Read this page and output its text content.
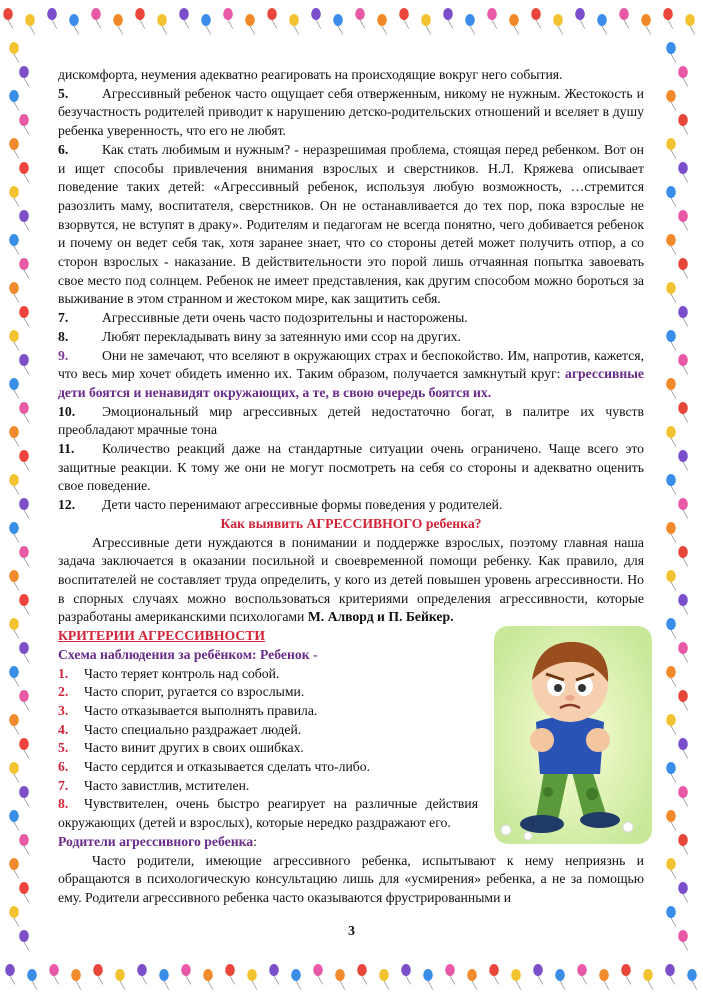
дискомфорта, неумения адекватно реагировать на происходящие вокруг него события.

5. Агрессивный ребенок часто ощущает себя отверженным, никому не нужным. Жестокость и безучастность родителей приводит к нарушению детско-родительских отношений и вселяет в душу ребенка уверенность, что его не любят.

6. Как стать любимым и нужным? - неразрешимая проблема, стоящая перед ребенком. Вот он и ищет способы привлечения внимания взрослых и сверстников. Н.Л. Кряжева описывает поведение таких детей: «Агрессивный ребенок, используя любую возможность, …стремится разозлить маму, воспитателя, сверстников. Он не останавливается до тех пор, пока взрослые не взорвутся, не вступят в драку». Родителям и педагогам не всегда понятно, чего добивается ребенок и почему он ведет себя так, хотя заранее знает, что со стороны детей может получить отпор, а со сторон взрослых - наказание. В действительности это порой лишь отчаянная попытка завоевать свое место под солнцем. Ребенок не имеет представления, как другим способом можно бороться за выживание в этом странном и жестоком мире, как защитить себя.

7. Агрессивные дети очень часто подозрительны и насторожены.

8. Любят перекладывать вину за затеянную ими ссор на других.

9. Они не замечают, что вселяют в окружающих страх и беспокойство. Им, напротив, кажется, что весь мир хочет обидеть именно их. Таким образом, получается замкнутый круг: агрессивные дети боятся и ненавидят окружающих, а те, в свою очередь боятся их.

10. Эмоциональный мир агрессивных детей недостаточно богат, в палитре их чувств преобладают мрачные тона

11. Количество реакций даже на стандартные ситуации очень ограничено. Чаще всего это защитные реакции. К тому же они не могут посмотреть на себя со стороны и адекватно оценить свое поведение.

12. Дети часто перенимают агрессивные формы поведения у родителей.

Как выявить АГРЕССИВНОГО ребенка?

Агрессивные дети нуждаются в понимании и поддержке взрослых, поэтому главная наша задача заключается в оказании посильной и своевременной помощи ребенку. Как правило, для воспитателей не составляет труда определить, у кого из детей повышен уровень агрессивности. Но в спорных случаях можно воспользоваться критериями определения агрессивности, которые разработаны американскими психологами М. Алворд и П. Бейкер.

КРИТЕРИИ АГРЕССИВНОСТИ

Схема наблюдения за ребёнком: Ребенок -

1. Часто теряет контроль над собой.

2. Часто спорит, ругается со взрослыми.

3. Часто отказывается выполнять правила.

4. Часто специально раздражает людей.

5. Часто винит других в своих ошибках.

6. Часто сердится и отказывается сделать что-либо.

7. Часто завистлив, мстителен.

8. Чувствителен, очень быстро реагирует на различные действия окружающих (детей и взрослых), которые нередко раздражают его.

Родители агрессивного ребенка:

Часто родители, имеющие агрессивного ребенка, испытывают к нему неприязнь и обращаются в психологическую консультацию лишь для «усмирения» ребенка, а не за помощью ему. Родители агрессивного ребенка часто оказываются фрустрированными и

3
